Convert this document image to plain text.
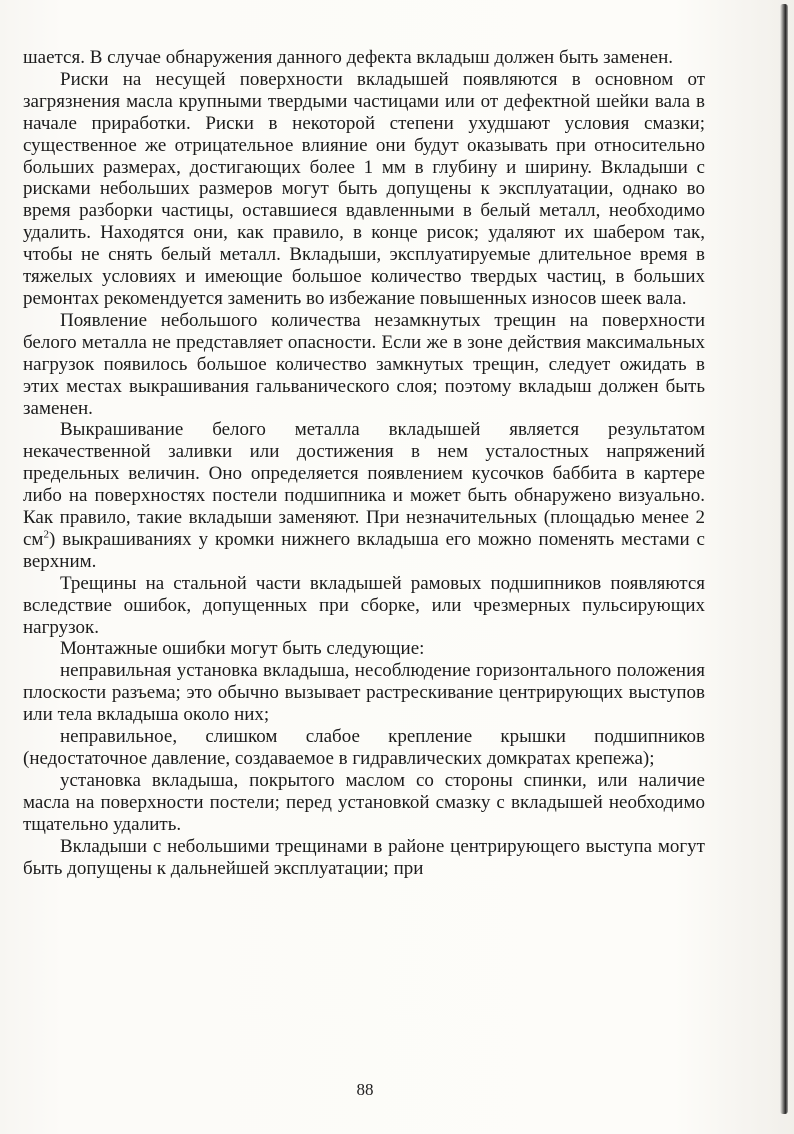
шается. В случае обнаружения данного дефекта вкладыш должен быть заменен.

Риски на несущей поверхности вкладышей появляются в основном от загрязнения масла крупными твердыми частицами или от дефектной шейки вала в начале приработки. Риски в некоторой степени ухудшают условия смазки; существенное же отрицательное влияние они будут оказывать при относительно больших размерах, достигающих более 1 мм в глубину и ширину. Вкладыши с рисками небольших размеров могут быть допущены к эксплуатации, однако во время разборки частицы, оставшиеся вдавленными в белый металл, необходимо удалить. Находятся они, как правило, в конце рисок; удаляют их шабером так, чтобы не снять белый металл. Вкладыши, эксплуатируемые длительное время в тяжелых условиях и имеющие большое количество твердых частиц, в больших ремонтах рекомендуется заменить во избежание повышенных износов шеек вала.

Появление небольшого количества незамкнутых трещин на поверхности белого металла не представляет опасности. Если же в зоне действия максимальных нагрузок появилось большое количество замкнутых трещин, следует ожидать в этих местах выкрашивания гальванического слоя; поэтому вкладыш должен быть заменен.

Выкрашивание белого металла вкладышей является результатом некачественной заливки или достижения в нем усталостных напряжений предельных величин. Оно определяется появлением кусочков баббита в картере либо на поверхностях постели подшипника и может быть обнаружено визуально. Как правило, такие вкладыши заменяют. При незначительных (площадью менее 2 $см^2$) выкрашиваниях у кромки нижнего вкладыша его можно поменять местами с верхним.

Трещины на стальной части вкладышей рамовых подшипников появляются вследствие ошибок, допущенных при сборке, или чрезмерных пульсирующих нагрузок.

Монтажные ошибки могут быть следующие:

неправильная установка вкладыша, несоблюдение горизонтального положения плоскости разъема; это обычно вызывает растрескивание центрирующих выступов или тела вкладыша около них;

неправильное, слишком слабое крепление крышки подшипников (недостаточное давление, создаваемое в гидравлических домкратах крепежа);

установка вкладыша, покрытого маслом со стороны спинки, или наличие масла на поверхности постели; перед установкой смазку с вкладышей необходимо тщательно удалить.

Вкладыши с небольшими трещинами в районе центрирующего выступа могут быть допущены к дальнейшей эксплуатации; при

88
